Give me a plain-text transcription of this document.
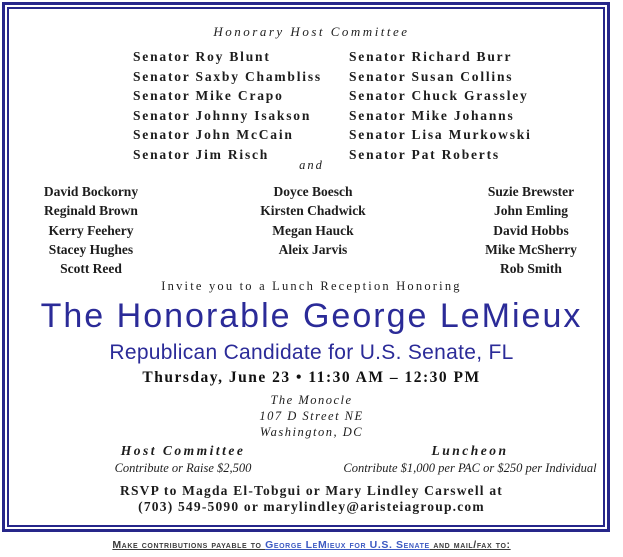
Honorary Host Committee
Senator Roy Blunt
Senator Saxby Chambliss
Senator Mike Crapo
Senator Johnny Isakson
Senator John McCain
Senator Jim Risch
Senator Richard Burr
Senator Susan Collins
Senator Chuck Grassley
Senator Mike Johanns
Senator Lisa Murkowski
Senator Pat Roberts
and
David Bockorny
Reginald Brown
Kerry Feehery
Stacey Hughes
Scott Reed
Doyce Boesch
Kirsten Chadwick
Megan Hauck
Aleix Jarvis
Suzie Brewster
John Emling
David Hobbs
Mike McSherry
Rob Smith
Invite you to a Lunch Reception Honoring
The Honorable George LeMieux
Republican Candidate for U.S. Senate, FL
Thursday, June 23 • 11:30 AM – 12:30 PM
The Monocle
107 D Street NE
Washington, DC
Host Committee
Contribute or Raise $2,500
Luncheon
Contribute $1,000 per PAC or $250 per Individual
RSVP to Magda El-Tobgui or Mary Lindley Carswell at
(703) 549-5090 or marylindley@aristeiagroup.com
Make contributions payable to George LeMieux for U.S. Senate and mail/fax to:
